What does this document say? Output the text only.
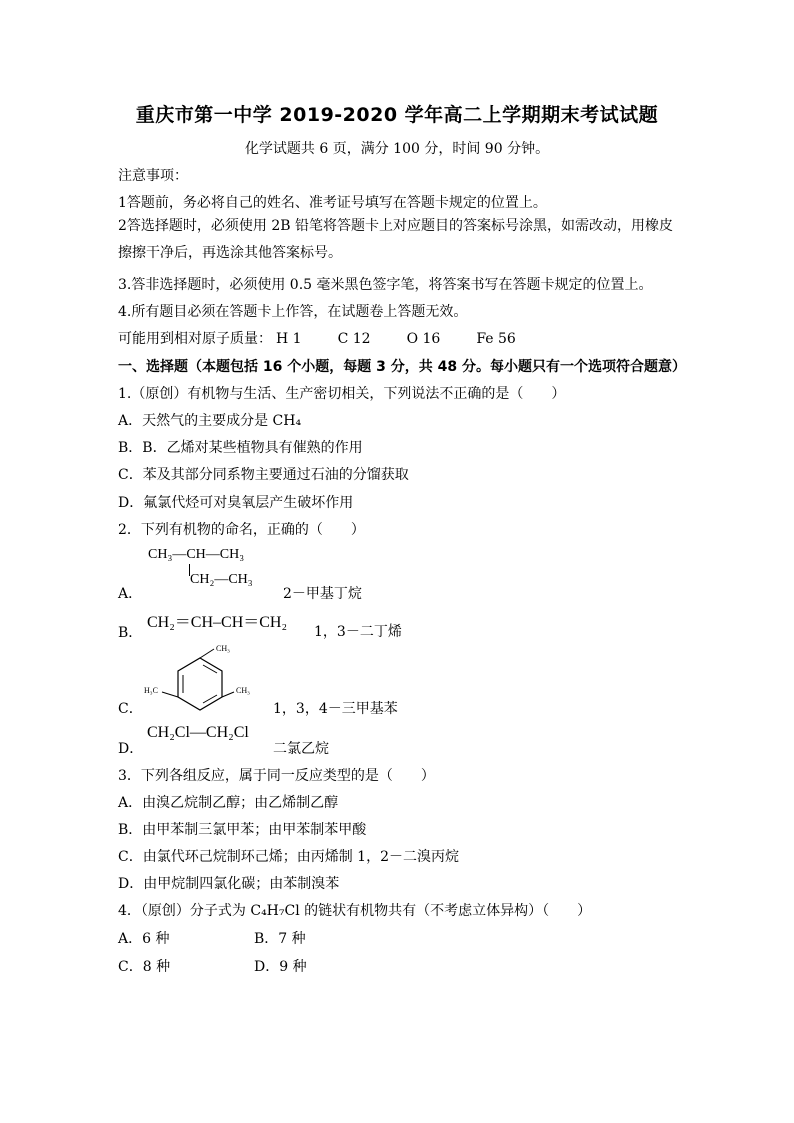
重庆市第一中学 2019-2020 学年高二上学期期末考试试题
化学试题共 6 页，满分 100 分，时间 90 分钟。
注意事项：
1答题前，务必将自己的姓名、准考证号填写在答题卡规定的位置上。
2答选择题时，必须使用 2B 铅笔将答题卡上对应题目的答案标号涂黑，如需改动，用橡皮擦擦干净后，再选涂其他答案标号。
3.答非选择题时，必须使用 0.5 毫米黑色签字笔，将答案书写在答题卡规定的位置上。
4.所有题目必须在答题卡上作答，在试题卷上答题无效。
可能用到相对原子质量： H 1	C 12	O 16	Fe 56
一、选择题（本题包括 16 个小题，每题 3 分，共 48 分。每小题只有一个选项符合题意）
1.（原创）有机物与生活、生产密切相关，下列说法不正确的是（　　）
A．天然气的主要成分是 CH₄
B．B．乙烯对某些植物具有催熟的作用
C．苯及其部分同系物主要通过石油的分馏获取
D．氟氯代烃可对臭氧层产生破坏作用
2．下列有机物的命名，正确的（　　）
CH₃—CH—CH₃
CH₂—CH₃
A．	2－甲基丁烷
B．
CH₂＝CH–CH＝CH₂
1，3－二丁烯
CH₃
H₃C	CH₃
C．	1，3，4－三甲基苯
D．
CH₂Cl—CH₂Cl
二氯乙烷
3．下列各组反应，属于同一反应类型的是（　　）
A．由溴乙烷制乙醇；由乙烯制乙醇
B．由甲苯制三氯甲苯；由甲苯制苯甲酸
C．由氯代环己烷制环己烯；由丙烯制 1，2－二溴丙烷
D．由甲烷制四氯化碳；由苯制溴苯
4．（原创）分子式为 C₄H₇Cl 的链状有机物共有（不考虑立体异构）（　　）
A．6 种	B．7 种
C．8 种	D．9 种
